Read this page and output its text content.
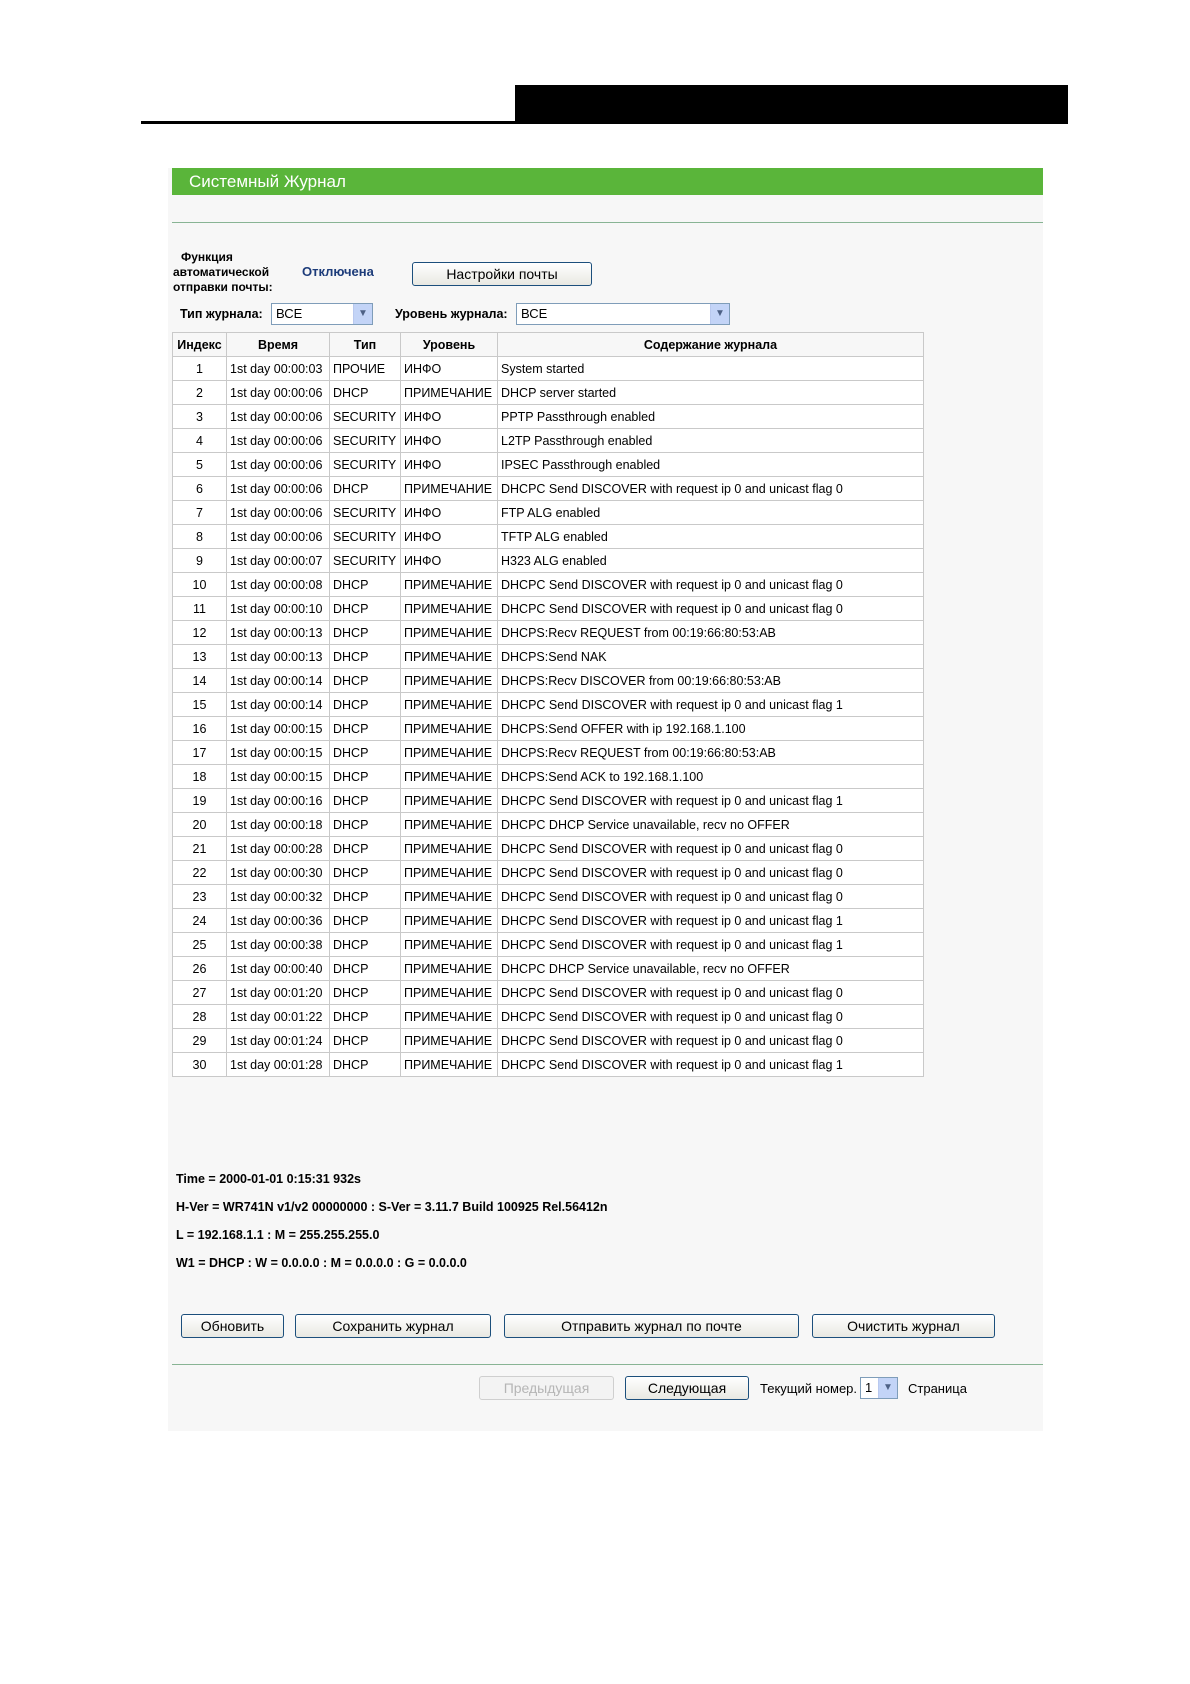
Системный Журнал
Функция
автоматической
отправки почты:
Отключена	Настройки почты
Тип журнала:	ВСЕ	▼	Уровень журнала:	ВСЕ	▼
Индекс	Время	Тип	Уровень	Содержание журнала
1	1st day 00:00:03	ПРОЧИЕ	ИНФО	System started
2	1st day 00:00:06	DHCP	ПРИМЕЧАНИЕ	DHCP server started
3	1st day 00:00:06	SECURITY	ИНФО	PPTP Passthrough enabled
4	1st day 00:00:06	SECURITY	ИНФО	L2TP Passthrough enabled
5	1st day 00:00:06	SECURITY	ИНФО	IPSEC Passthrough enabled
6	1st day 00:00:06	DHCP	ПРИМЕЧАНИЕ	DHCPC Send DISCOVER with request ip 0 and unicast flag 0
7	1st day 00:00:06	SECURITY	ИНФО	FTP ALG enabled
8	1st day 00:00:06	SECURITY	ИНФО	TFTP ALG enabled
9	1st day 00:00:07	SECURITY	ИНФО	H323 ALG enabled
10	1st day 00:00:08	DHCP	ПРИМЕЧАНИЕ	DHCPC Send DISCOVER with request ip 0 and unicast flag 0
11	1st day 00:00:10	DHCP	ПРИМЕЧАНИЕ	DHCPC Send DISCOVER with request ip 0 and unicast flag 0
12	1st day 00:00:13	DHCP	ПРИМЕЧАНИЕ	DHCPS:Recv REQUEST from 00:19:66:80:53:AB
13	1st day 00:00:13	DHCP	ПРИМЕЧАНИЕ	DHCPS:Send NAK
14	1st day 00:00:14	DHCP	ПРИМЕЧАНИЕ	DHCPS:Recv DISCOVER from 00:19:66:80:53:AB
15	1st day 00:00:14	DHCP	ПРИМЕЧАНИЕ	DHCPC Send DISCOVER with request ip 0 and unicast flag 1
16	1st day 00:00:15	DHCP	ПРИМЕЧАНИЕ	DHCPS:Send OFFER with ip 192.168.1.100
17	1st day 00:00:15	DHCP	ПРИМЕЧАНИЕ	DHCPS:Recv REQUEST from 00:19:66:80:53:AB
18	1st day 00:00:15	DHCP	ПРИМЕЧАНИЕ	DHCPS:Send ACK to 192.168.1.100
19	1st day 00:00:16	DHCP	ПРИМЕЧАНИЕ	DHCPC Send DISCOVER with request ip 0 and unicast flag 1
20	1st day 00:00:18	DHCP	ПРИМЕЧАНИЕ	DHCPC DHCP Service unavailable, recv no OFFER
21	1st day 00:00:28	DHCP	ПРИМЕЧАНИЕ	DHCPC Send DISCOVER with request ip 0 and unicast flag 0
22	1st day 00:00:30	DHCP	ПРИМЕЧАНИЕ	DHCPC Send DISCOVER with request ip 0 and unicast flag 0
23	1st day 00:00:32	DHCP	ПРИМЕЧАНИЕ	DHCPC Send DISCOVER with request ip 0 and unicast flag 0
24	1st day 00:00:36	DHCP	ПРИМЕЧАНИЕ	DHCPC Send DISCOVER with request ip 0 and unicast flag 1
25	1st day 00:00:38	DHCP	ПРИМЕЧАНИЕ	DHCPC Send DISCOVER with request ip 0 and unicast flag 1
26	1st day 00:00:40	DHCP	ПРИМЕЧАНИЕ	DHCPC DHCP Service unavailable, recv no OFFER
27	1st day 00:01:20	DHCP	ПРИМЕЧАНИЕ	DHCPC Send DISCOVER with request ip 0 and unicast flag 0
28	1st day 00:01:22	DHCP	ПРИМЕЧАНИЕ	DHCPC Send DISCOVER with request ip 0 and unicast flag 0
29	1st day 00:01:24	DHCP	ПРИМЕЧАНИЕ	DHCPC Send DISCOVER with request ip 0 and unicast flag 0
30	1st day 00:01:28	DHCP	ПРИМЕЧАНИЕ	DHCPC Send DISCOVER with request ip 0 and unicast flag 1
Time = 2000-01-01 0:15:31 932s
H-Ver = WR741N v1/v2 00000000 : S-Ver = 3.11.7 Build 100925 Rel.56412n
L = 192.168.1.1 : M = 255.255.255.0
W1 = DHCP : W = 0.0.0.0 : M = 0.0.0.0 : G = 0.0.0.0
Обновить	Сохранить журнал	Отправить журнал по почте	Очистить журнал
Предыдущая	Следующая	Текущий номер. 1	▼	Страница
